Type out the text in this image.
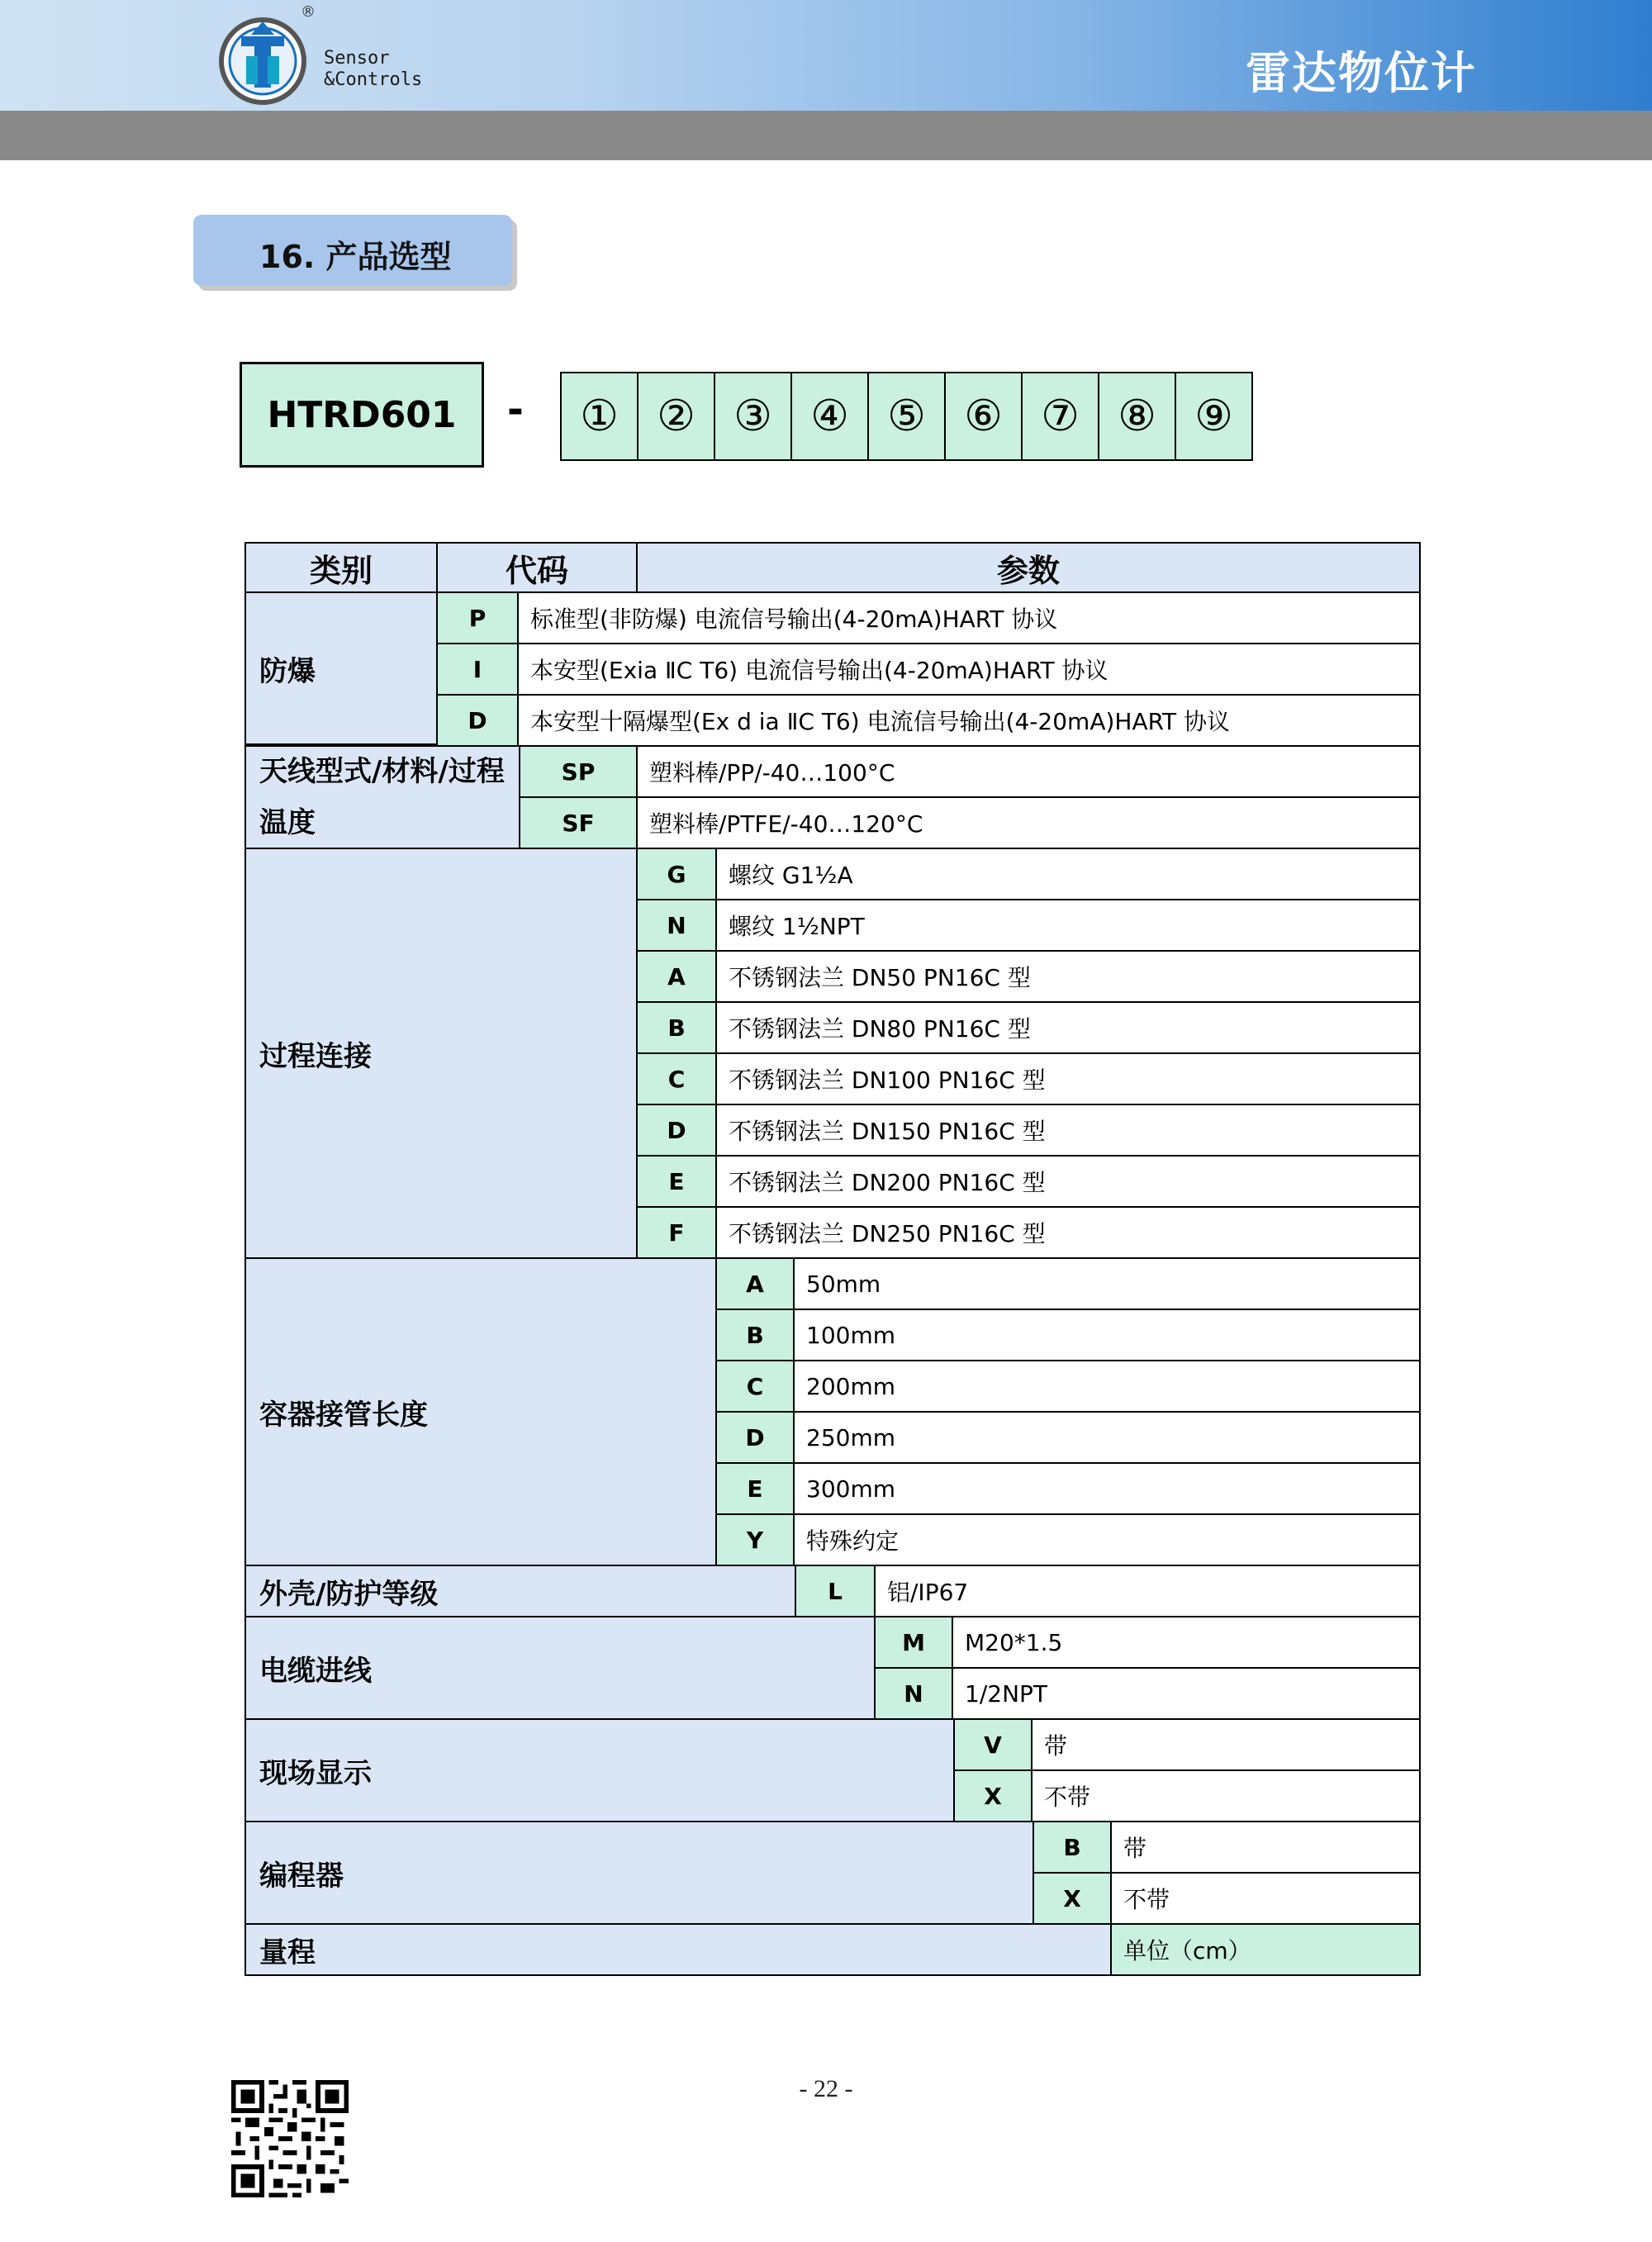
®
Sensor
&Controls	雷达物位计
16. 产品选型
HTRD601	-	① ② ③ ④ ⑤ ⑥ ⑦ ⑧ ⑨
类别	代码	参数
防爆
P	标准型(非防爆) 电流信号输出(4-20mA)HART 协议
I	本安型(Exia ⅡC T6) 电流信号输出(4-20mA)HART 协议
D	本安型十隔爆型(Ex d ia ⅡC T6) 电流信号输出(4-20mA)HART 协议
天线型式/材料/过程温度
SP	塑料棒/PP/-40…100°C
SF	塑料棒/PTFE/-40…120°C
过程连接
G	螺纹 G1½A
N	螺纹 1½NPT
A	不锈钢法兰 DN50 PN16C 型
B	不锈钢法兰 DN80 PN16C 型
C	不锈钢法兰 DN100 PN16C 型
D	不锈钢法兰 DN150 PN16C 型
E	不锈钢法兰 DN200 PN16C 型
F	不锈钢法兰 DN250 PN16C 型
容器接管长度
A	50mm
B	100mm
C	200mm
D	250mm
E	300mm
Y	特殊约定
外壳/防护等级	L	铝/IP67
电缆进线
M	M20*1.5
N	1/2NPT
现场显示
V	带
X	不带
编程器
B	带
X	不带
量程	单位（cm）
- 22 -
